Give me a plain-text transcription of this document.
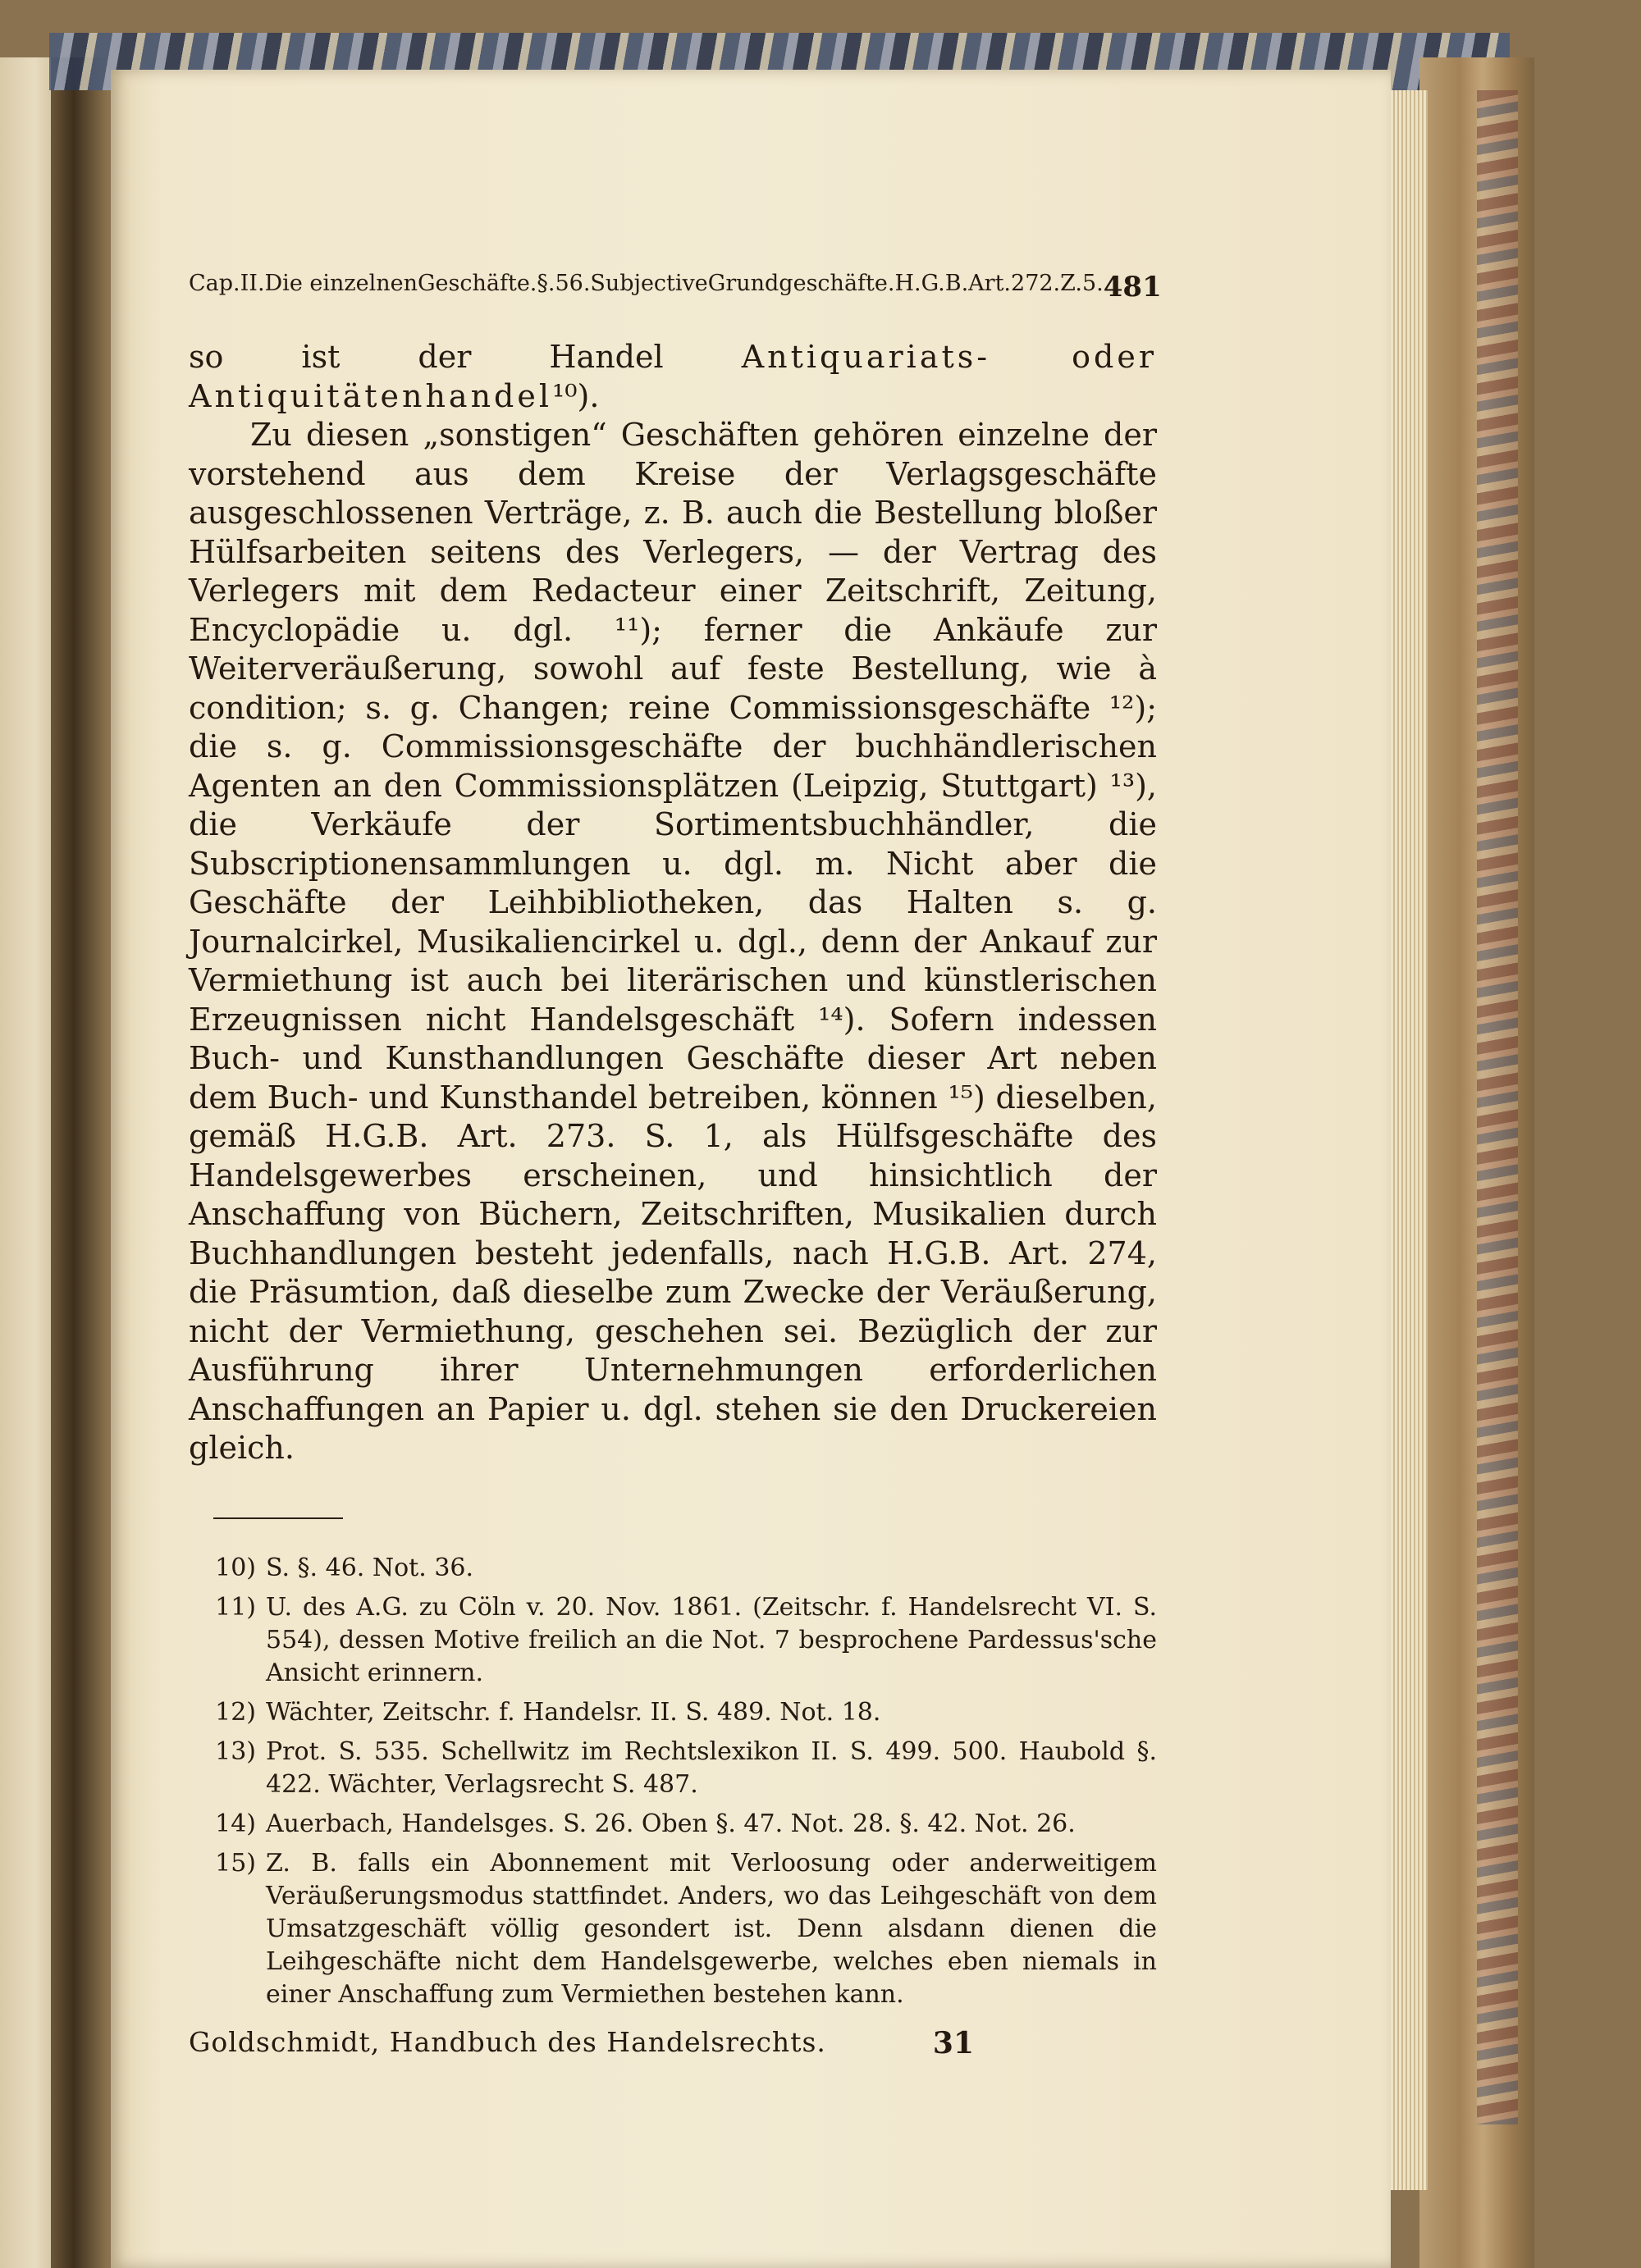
Cap.II.Die einzelnenGeschäfte.§.56.SubjectiveGrundgeschäfte.H.G.B.Art.272.Z.5. 481

so ist der Handel Antiquariats- oder Antiquitätenhandel¹⁰).

Zu diesen „sonstigen“ Geschäften gehören einzelne der vorstehend aus dem Kreise der Verlagsgeschäfte ausgeschlossenen Verträge, z. B. auch die Bestellung bloßer Hülfsarbeiten seitens des Verlegers, — der Vertrag des Verlegers mit dem Redacteur einer Zeitschrift, Zeitung, Encyclopädie u. dgl. ¹¹); ferner die Ankäufe zur Weiterveräußerung, sowohl auf feste Bestellung, wie à condition; s. g. Changen; reine Commissionsgeschäfte ¹²); die s. g. Commissionsgeschäfte der buchhändlerischen Agenten an den Commissionsplätzen (Leipzig, Stuttgart) ¹³), die Verkäufe der Sortimentsbuchhändler, die Subscriptionensammlungen u. dgl. m. Nicht aber die Geschäfte der Leihbibliotheken, das Halten s. g. Journalcirkel, Musikaliencirkel u. dgl., denn der Ankauf zur Vermiethung ist auch bei literärischen und künstlerischen Erzeugnissen nicht Handelsgeschäft ¹⁴). Sofern indessen Buch- und Kunsthandlungen Geschäfte dieser Art neben dem Buch- und Kunsthandel betreiben, können ¹⁵) dieselben, gemäß H.G.B. Art. 273. S. 1, als Hülfsgeschäfte des Handelsgewerbes erscheinen, und hinsichtlich der Anschaffung von Büchern, Zeitschriften, Musikalien durch Buchhandlungen besteht jedenfalls, nach H.G.B. Art. 274, die Präsumtion, daß dieselbe zum Zwecke der Veräußerung, nicht der Vermiethung, geschehen sei. Bezüglich der zur Ausführung ihrer Unternehmungen erforderlichen Anschaffungen an Papier u. dgl. stehen sie den Druckereien gleich.

10) S. §. 46. Not. 36.
11) U. des A.G. zu Cöln v. 20. Nov. 1861. (Zeitschr. f. Handelsrecht VI. S. 554), dessen Motive freilich an die Not. 7 besprochene Pardessus'sche Ansicht erinnern.
12) Wächter, Zeitschr. f. Handelsr. II. S. 489. Not. 18.
13) Prot. S. 535. Schellwitz im Rechtslexikon II. S. 499. 500. Haubold §. 422. Wächter, Verlagsrecht S. 487.
14) Auerbach, Handelsges. S. 26. Oben §. 47. Not. 28. §. 42. Not. 26.
15) Z. B. falls ein Abonnement mit Verloosung oder anderweitigem Veräußerungsmodus stattfindet. Anders, wo das Leihgeschäft von dem Umsatzgeschäft völlig gesondert ist. Denn alsdann dienen die Leihgeschäfte nicht dem Handelsgewerbe, welches eben niemals in einer Anschaffung zum Vermiethen bestehen kann.
Goldschmidt, Handbuch des Handelsrechts.	31
